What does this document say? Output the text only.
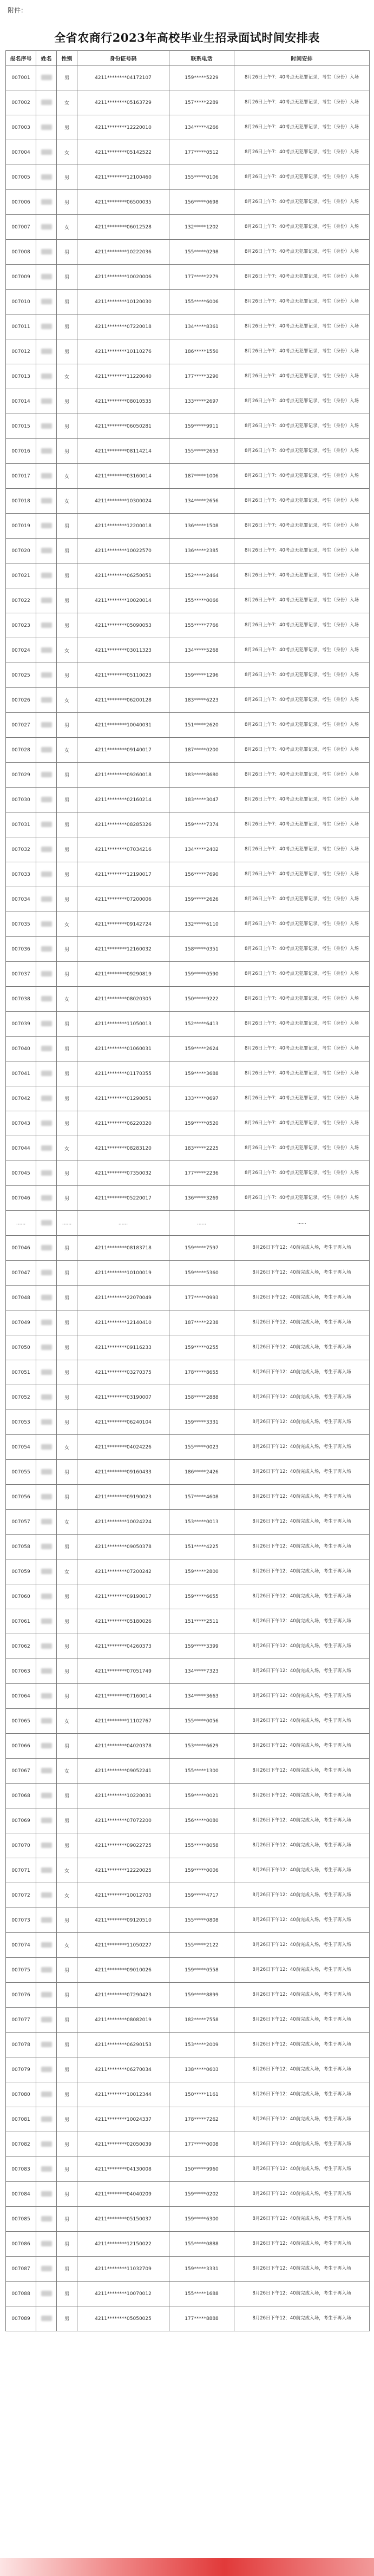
附件：
全省农商行2023年高校毕业生招录面试时间安排表
报名序号	姓名	性别	身份证号码	联系电话	时间安排
007001		男	4211********04172107	159*****5229	8月26日上午7：40考点无犯罪记录，考生（身份）入场
007002		女	4211********05163729	157*****2289	8月26日上午7：40考点无犯罪记录，考生（身份）入场
007003		男	4211********12220010	134*****4266	8月26日上午7：40考点无犯罪记录，考生（身份）入场
007004		女	4211********05142522	177*****0512	8月26日上午7：40考点无犯罪记录，考生（身份）入场
007005		男	4211********12100460	155*****0106	8月26日上午7：40考点无犯罪记录，考生（身份）入场
007006		男	4211********06500035	156*****0698	8月26日上午7：40考点无犯罪记录，考生（身份）入场
007007		女	4211********06012528	132*****1202	8月26日上午7：40考点无犯罪记录，考生（身份）入场
007008		男	4211********10222036	155*****0298	8月26日上午7：40考点无犯罪记录，考生（身份）入场
007009		男	4211********10020006	177*****2279	8月26日上午7：40考点无犯罪记录，考生（身份）入场
007010		男	4211********10120030	155*****6006	8月26日上午7：40考点无犯罪记录，考生（身份）入场
007011		男	4211********07220018	134*****8361	8月26日上午7：40考点无犯罪记录，考生（身份）入场
007012		男	4211********10110276	186*****1550	8月26日上午7：40考点无犯罪记录，考生（身份）入场
007013		女	4211********11220040	177*****3290	8月26日上午7：40考点无犯罪记录，考生（身份）入场
007014		男	4211********08010535	133*****2697	8月26日上午7：40考点无犯罪记录，考生（身份）入场
007015		男	4211********06050281	159*****9911	8月26日上午7：40考点无犯罪记录，考生（身份）入场
007016		男	4211********08114214	155*****2653	8月26日上午7：40考点无犯罪记录，考生（身份）入场
007017		女	4211********03160014	187*****1006	8月26日上午7：40考点无犯罪记录，考生（身份）入场
007018		女	4211********10300024	134*****2656	8月26日上午7：40考点无犯罪记录，考生（身份）入场
007019		男	4211********12200018	136*****1508	8月26日上午7：40考点无犯罪记录，考生（身份）入场
007020		男	4211********10022570	136*****2385	8月26日上午7：40考点无犯罪记录，考生（身份）入场
007021		男	4211********06250051	152*****2464	8月26日上午7：40考点无犯罪记录，考生（身份）入场
007022		男	4211********10020014	155*****0066	8月26日上午7：40考点无犯罪记录，考生（身份）入场
007023		男	4211********05090053	155*****7766	8月26日上午7：40考点无犯罪记录，考生（身份）入场
007024		女	4211********03011323	134*****5268	8月26日上午7：40考点无犯罪记录，考生（身份）入场
007025		男	4211********05110023	159*****1296	8月26日上午7：40考点无犯罪记录，考生（身份）入场
007026		女	4211********06200128	183*****6223	8月26日上午7：40考点无犯罪记录，考生（身份）入场
007027		男	4211********10040031	151*****2620	8月26日上午7：40考点无犯罪记录，考生（身份）入场
007028		女	4211********09140017	187*****0200	8月26日上午7：40考点无犯罪记录，考生（身份）入场
007029		男	4211********09260018	183*****8680	8月26日上午7：40考点无犯罪记录，考生（身份）入场
007030		男	4211********02160214	183*****3047	8月26日上午7：40考点无犯罪记录，考生（身份）入场
007031		男	4211********08285326	159*****7374	8月26日上午7：40考点无犯罪记录，考生（身份）入场
007032		男	4211********07034216	134*****2402	8月26日上午7：40考点无犯罪记录，考生（身份）入场
007033		男	4211********12190017	156*****7690	8月26日上午7：40考点无犯罪记录，考生（身份）入场
007034		男	4211********07200006	159*****2626	8月26日上午7：40考点无犯罪记录，考生（身份）入场
007035		女	4211********09142724	132*****6110	8月26日上午7：40考点无犯罪记录，考生（身份）入场
007036		男	4211********12160032	158*****0351	8月26日上午7：40考点无犯罪记录，考生（身份）入场
007037		男	4211********09290819	159*****0590	8月26日上午7：40考点无犯罪记录，考生（身份）入场
007038		女	4211********08020305	150*****9222	8月26日上午7：40考点无犯罪记录，考生（身份）入场
007039		男	4211********11050013	152*****6413	8月26日上午7：40考点无犯罪记录，考生（身份）入场
007040		男	4211********01060031	159*****2624	8月26日上午7：40考点无犯罪记录，考生（身份）入场
007041		男	4211********01170355	159*****3688	8月26日上午7：40考点无犯罪记录，考生（身份）入场
007042		男	4211********01290051	133*****0697	8月26日上午7：40考点无犯罪记录，考生（身份）入场
007043		男	4211********06220320	159*****0520	8月26日上午7：40考点无犯罪记录，考生（身份）入场
007044		女	4211********08283120	183*****2225	8月26日上午7：40考点无犯罪记录，考生（身份）入场
007045		男	4211********07350032	177*****2236	8月26日上午7：40考点无犯罪记录，考生（身份）入场
007046		男	4211********05220017	136*****3269	8月26日上午7：40考点无犯罪记录，考生（身份）入场
......		......	......	......	......
007046		男	4211********08183718	159*****7597	8月26日下午12：40前完成入场，考生于再入场
007047		男	4211********10100019	159*****5360	8月26日下午12：40前完成入场，考生于再入场
007048		男	4211********22070049	177*****0993	8月26日下午12：40前完成入场，考生于再入场
007049		男	4211********12140410	187*****2238	8月26日下午12：40前完成入场，考生于再入场
007050		男	4211********09116233	159*****0255	8月26日下午12：40前完成入场，考生于再入场
007051		男	4211********03270375	178*****8655	8月26日下午12：40前完成入场，考生于再入场
007052		男	4211********03190007	158*****2888	8月26日下午12：40前完成入场，考生于再入场
007053		男	4211********06240104	159*****3331	8月26日下午12：40前完成入场，考生于再入场
007054		女	4211********04024226	155*****0023	8月26日下午12：40前完成入场，考生于再入场
007055		男	4211********09160433	186*****2426	8月26日下午12：40前完成入场，考生于再入场
007056		男	4211********09190023	157*****4608	8月26日下午12：40前完成入场，考生于再入场
007057		女	4211********10024224	153*****0013	8月26日下午12：40前完成入场，考生于再入场
007058		男	4211********09050378	151*****4225	8月26日下午12：40前完成入场，考生于再入场
007059		女	4211********07200242	159*****2800	8月26日下午12：40前完成入场，考生于再入场
007060		男	4211********09190017	159*****6655	8月26日下午12：40前完成入场，考生于再入场
007061		男	4211********05180026	151*****2511	8月26日下午12：40前完成入场，考生于再入场
007062		男	4211********04260373	159*****3399	8月26日下午12：40前完成入场，考生于再入场
007063		男	4211********07051749	134*****7323	8月26日下午12：40前完成入场，考生于再入场
007064		男	4211********07160014	134*****3663	8月26日下午12：40前完成入场，考生于再入场
007065		女	4211********11102767	155*****0056	8月26日下午12：40前完成入场，考生于再入场
007066		男	4211********04020378	153*****6629	8月26日下午12：40前完成入场，考生于再入场
007067		女	4211********09052241	155*****1300	8月26日下午12：40前完成入场，考生于再入场
007068		男	4211********10220031	159*****0021	8月26日下午12：40前完成入场，考生于再入场
007069		男	4211********07072200	156*****0080	8月26日下午12：40前完成入场，考生于再入场
007070		男	4211********09022725	155*****8058	8月26日下午12：40前完成入场，考生于再入场
007071		女	4211********12220025	159*****0006	8月26日下午12：40前完成入场，考生于再入场
007072		女	4211********10012703	159*****4717	8月26日下午12：40前完成入场，考生于再入场
007073		男	4211********09120510	155*****0808	8月26日下午12：40前完成入场，考生于再入场
007074		女	4211********11050227	155*****2122	8月26日下午12：40前完成入场，考生于再入场
007075		男	4211********09010026	159*****0558	8月26日下午12：40前完成入场，考生于再入场
007076		男	4211********07290423	159*****8899	8月26日下午12：40前完成入场，考生于再入场
007077		男	4211********08082019	182*****7558	8月26日下午12：40前完成入场，考生于再入场
007078		男	4211********06290153	153*****2009	8月26日下午12：40前完成入场，考生于再入场
007079		男	4211********06270034	138*****0603	8月26日下午12：40前完成入场，考生于再入场
007080		男	4211********10012344	150*****1161	8月26日下午12：40前完成入场，考生于再入场
007081		男	4211********10024337	178*****7262	8月26日下午12：40前完成入场，考生于再入场
007082		男	4211********02050039	177*****0008	8月26日下午12：40前完成入场，考生于再入场
007083		男	4211********04130008	150*****9960	8月26日下午12：40前完成入场，考生于再入场
007084		男	4211********04040209	159*****0202	8月26日下午12：40前完成入场，考生于再入场
007085		男	4211********05150037	159*****6300	8月26日下午12：40前完成入场，考生于再入场
007086		男	4211********12150022	155*****0888	8月26日下午12：40前完成入场，考生于再入场
007087		男	4211********11032709	159*****3331	8月26日下午12：40前完成入场，考生于再入场
007088		男	4211********10070012	155*****1688	8月26日下午12：40前完成入场，考生于再入场
007089		男	4211********05050025	177*****8888	8月26日下午12：40前完成入场，考生于再入场
